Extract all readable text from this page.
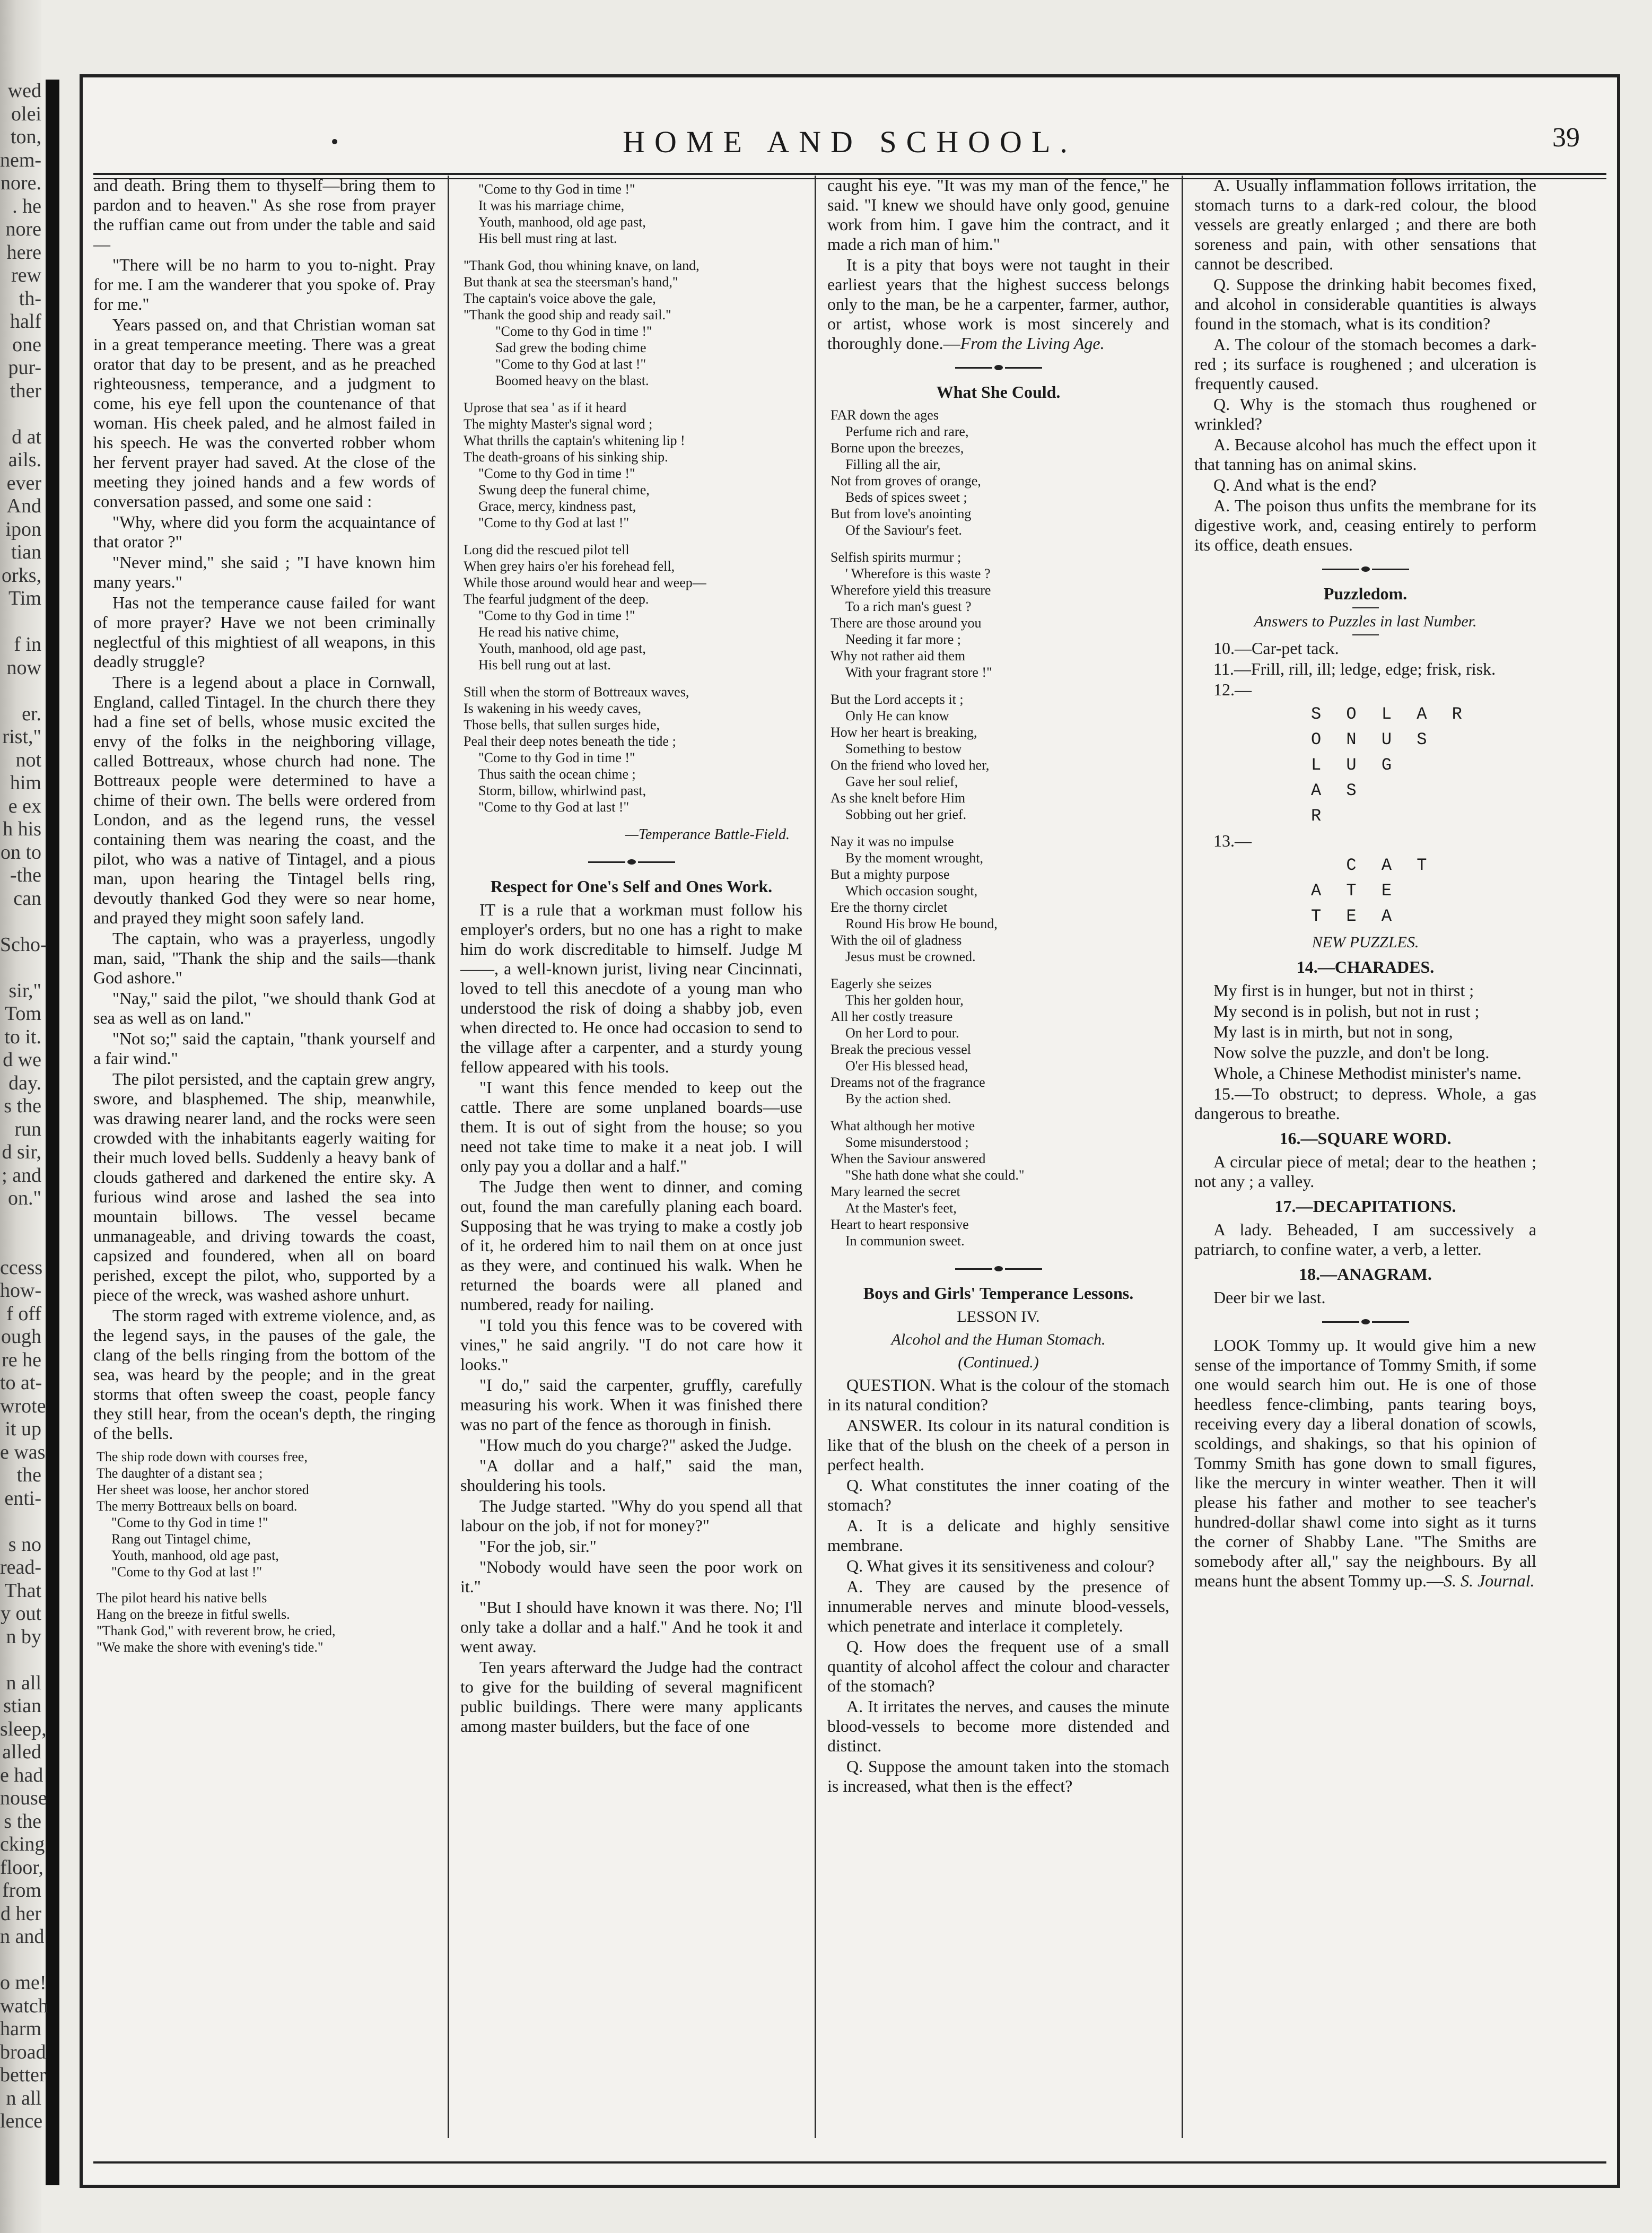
wed
olei
ton,
nem-
nore.
. he
nore
here
rew
th-
half
one
pur-
ther
d at
ails.
ever
And
ipon
tian
orks,
Tim
f in
now
er.
rist,"
not
him
e ex
h his
on to
-the
can
Scho-
sir,"
Tom
to it.
d we
day.
s the
run
d sir,
; and
on."
ccess
how-
f off
ough
re he
to at-
wrote
it up
e was
the
enti-
s no
read-
That
y out
n by
n all
stian
sleep,
alled
e had
nouse
s the
cking
floor,
from
d her
n and
o me!
watch
harm
broad
better
n all
lence
HOME AND SCHOOL.	39

and death. Bring them to thyself—bring them to pardon and to heaven." As she rose from prayer the ruffian came out from under the table and said—

"There will be no harm to you to-night. Pray for me. I am the wanderer that you spoke of. Pray for me."

Years passed on, and that Christian woman sat in a great temperance meeting. There was a great orator that day to be present, and as he preached righteousness, temperance, and a judgment to come, his eye fell upon the countenance of that woman. His cheek paled, and he almost failed in his speech. He was the converted robber whom her fervent prayer had saved. At the close of the meeting they joined hands and a few words of conversation passed, and some one said :

"Why, where did you form the acquaintance of that orator ?"

"Never mind," she said ; "I have known him many years."

Has not the temperance cause failed for want of more prayer? Have we not been criminally neglectful of this mightiest of all weapons, in this deadly struggle?

There is a legend about a place in Cornwall, England, called Tintagel. In the church there they had a fine set of bells, whose music excited the envy of the folks in the neighboring village, called Bottreaux, whose church had none. The Bottreaux people were determined to have a chime of their own. The bells were ordered from London, and as the legend runs, the vessel containing them was nearing the coast, and the pilot, who was a native of Tintagel, and a pious man, upon hearing the Tintagel bells ring, devoutly thanked God they were so near home, and prayed they might soon safely land.

The captain, who was a prayerless, ungodly man, said, "Thank the ship and the sails—thank God ashore."

"Nay," said the pilot, "we should thank God at sea as well as on land."

"Not so;" said the captain, "thank yourself and a fair wind."

The pilot persisted, and the captain grew angry, swore, and blasphemed. The ship, meanwhile, was drawing nearer land, and the rocks were seen crowded with the inhabitants eagerly waiting for their much loved bells. Suddenly a heavy bank of clouds gathered and darkened the entire sky. A furious wind arose and lashed the sea into mountain billows. The vessel became unmanageable, and driving towards the coast, capsized and foundered, when all on board perished, except the pilot, who, supported by a piece of the wreck, was washed ashore unhurt.

The storm raged with extreme violence, and, as the legend says, in the pauses of the gale, the clang of the bells ringing from the bottom of the sea, was heard by the people; and in the great storms that often sweep the coast, people fancy they still hear, from the ocean's depth, the ringing of the bells.

The ship rode down with courses free,
The daughter of a distant sea ;
Her sheet was loose, her anchor stored
The merry Bottreaux bells on board.
"Come to thy God in time !"
Rang out Tintagel chime,
Youth, manhood, old age past,
"Come to thy God at last !"
The pilot heard his native bells
Hang on the breeze in fitful swells.
"Thank God," with reverent brow, he cried,
"We make the shore with evening's tide."
"Come to thy God in time !"
It was his marriage chime,
Youth, manhood, old age past,
His bell must ring at last.
"Thank God, thou whining knave, on land,
But thank at sea the steersman's hand,"
The captain's voice above the gale,
"Thank the good ship and ready sail."
"Come to thy God in time !"
Sad grew the boding chime
"Come to thy God at last !"
Boomed heavy on the blast.
Uprose that sea ' as if it heard
The mighty Master's signal word ;
What thrills the captain's whitening lip !
The death-groans of his sinking ship.
"Come to thy God in time !"
Swung deep the funeral chime,
Grace, mercy, kindness past,
"Come to thy God at last !"
Long did the rescued pilot tell
When grey hairs o'er his forehead fell,
While those around would hear and weep—
The fearful judgment of the deep.
"Come to thy God in time !"
He read his native chime,
Youth, manhood, old age past,
His bell rung out at last.
Still when the storm of Bottreaux waves,
Is wakening in his weedy caves,
Those bells, that sullen surges hide,
Peal their deep notes beneath the tide ;
"Come to thy God in time !"
Thus saith the ocean chime ;
Storm, billow, whirlwind past,
"Come to thy God at last !"
—Temperance Battle-Field.
Respect for One's Self and Ones Work.

IT is a rule that a workman must follow his employer's orders, but no one has a right to make him do work discreditable to himself. Judge M——, a well-known jurist, living near Cincinnati, loved to tell this anecdote of a young man who understood the risk of doing a shabby job, even when directed to. He once had occasion to send to the village after a carpenter, and a sturdy young fellow appeared with his tools.

"I want this fence mended to keep out the cattle. There are some unplaned boards—use them. It is out of sight from the house; so you need not take time to make it a neat job. I will only pay you a dollar and a half."

The Judge then went to dinner, and coming out, found the man carefully planing each board. Supposing that he was trying to make a costly job of it, he ordered him to nail them on at once just as they were, and continued his walk. When he returned the boards were all planed and numbered, ready for nailing.

"I told you this fence was to be covered with vines," he said angrily. "I do not care how it looks."

"I do," said the carpenter, gruffly, carefully measuring his work. When it was finished there was no part of the fence as thorough in finish.

"How much do you charge?" asked the Judge.

"A dollar and a half," said the man, shouldering his tools.

The Judge started. "Why do you spend all that labour on the job, if not for money?"

"For the job, sir."

"Nobody would have seen the poor work on it."

"But I should have known it was there. No; I'll only take a dollar and a half." And he took it and went away.

Ten years afterward the Judge had the contract to give for the building of several magnificent public buildings. There were many applicants among master builders, but the face of one

caught his eye. "It was my man of the fence," he said. "I knew we should have only good, genuine work from him. I gave him the contract, and it made a rich man of him."

It is a pity that boys were not taught in their earliest years that the highest success belongs only to the man, be he a carpenter, farmer, author, or artist, whose work is most sincerely and thoroughly done.—From the Living Age.

What She Could.
FAR down the ages
Perfume rich and rare,
Borne upon the breezes,
Filling all the air,
Not from groves of orange,
Beds of spices sweet ;
But from love's anointing
Of the Saviour's feet.
Selfish spirits murmur ;
' Wherefore is this waste ?
Wherefore yield this treasure
To a rich man's guest ?
There are those around you
Needing it far more ;
Why not rather aid them
With your fragrant store !"
But the Lord accepts it ;
Only He can know
How her heart is breaking,
Something to bestow
On the friend who loved her,
Gave her soul relief,
As she knelt before Him
Sobbing out her grief.
Nay it was no impulse
By the moment wrought,
But a mighty purpose
Which occasion sought,
Ere the thorny circlet
Round His brow He bound,
With the oil of gladness
Jesus must be crowned.
Eagerly she seizes
This her golden hour,
All her costly treasure
On her Lord to pour.
Break the precious vessel
O'er His blessed head,
Dreams not of the fragrance
By the action shed.
What although her motive
Some misunderstood ;
When the Saviour answered
"She hath done what she could."
Mary learned the secret
At the Master's feet,
Heart to heart responsive
In communion sweet.
Boys and Girls' Temperance Lessons.
LESSON IV.
Alcohol and the Human Stomach.
(Continued.)

QUESTION. What is the colour of the stomach in its natural condition?

ANSWER. Its colour in its natural condition is like that of the blush on the cheek of a person in perfect health.

Q. What constitutes the inner coating of the stomach?

A. It is a delicate and highly sensitive membrane.

Q. What gives it its sensitiveness and colour?

A. They are caused by the presence of innumerable nerves and minute blood-vessels, which penetrate and interlace it completely.

Q. How does the frequent use of a small quantity of alcohol affect the colour and character of the stomach?

A. It irritates the nerves, and causes the minute blood-vessels to become more distended and distinct.

Q. Suppose the amount taken into the stomach is increased, what then is the effect?

A. Usually inflammation follows irritation, the stomach turns to a dark-red colour, the blood vessels are greatly enlarged ; and there are both soreness and pain, with other sensations that cannot be described.

Q. Suppose the drinking habit becomes fixed, and alcohol in considerable quantities is always found in the stomach, what is its condition?

A. The colour of the stomach becomes a dark-red ; its surface is roughened ; and ulceration is frequently caused.

Q. Why is the stomach thus roughened or wrinkled?

A. Because alcohol has much the effect upon it that tanning has on animal skins.

Q. And what is the end?

A. The poison thus unfits the membrane for its digestive work, and, ceasing entirely to perform its office, death ensues.

Puzzledom.
Answers to Puzzles in last Number.

10.—Car-pet tack.

11.—Frill, rill, ill; ledge, edge; frisk, risk.

12.—

S O L A R
O N U S
L U G
A S
R

13.—

C A T
A T E
T E A
NEW PUZZLES.
14.—CHARADES.

My first is in hunger, but not in thirst ;

My second is in polish, but not in rust ;

My last is in mirth, but not in song,

Now solve the puzzle, and don't be long.

Whole, a Chinese Methodist minister's name.

15.—To obstruct; to depress. Whole, a gas dangerous to breathe.

16.—SQUARE WORD.

A circular piece of metal; dear to the heathen ; not any ; a valley.

17.—DECAPITATIONS.

A lady. Beheaded, I am successively a patriarch, to confine water, a verb, a letter.

18.—ANAGRAM.

Deer bir we last.

LOOK Tommy up. It would give him a new sense of the importance of Tommy Smith, if some one would search him out. He is one of those heedless fence-climbing, pants tearing boys, receiving every day a liberal donation of scowls, scoldings, and shakings, so that his opinion of Tommy Smith has gone down to small figures, like the mercury in winter weather. Then it will please his father and mother to see teacher's hundred-dollar shawl come into sight as it turns the corner of Shabby Lane. "The Smiths are somebody after all," say the neighbours. By all means hunt the absent Tommy up.—S. S. Journal.
